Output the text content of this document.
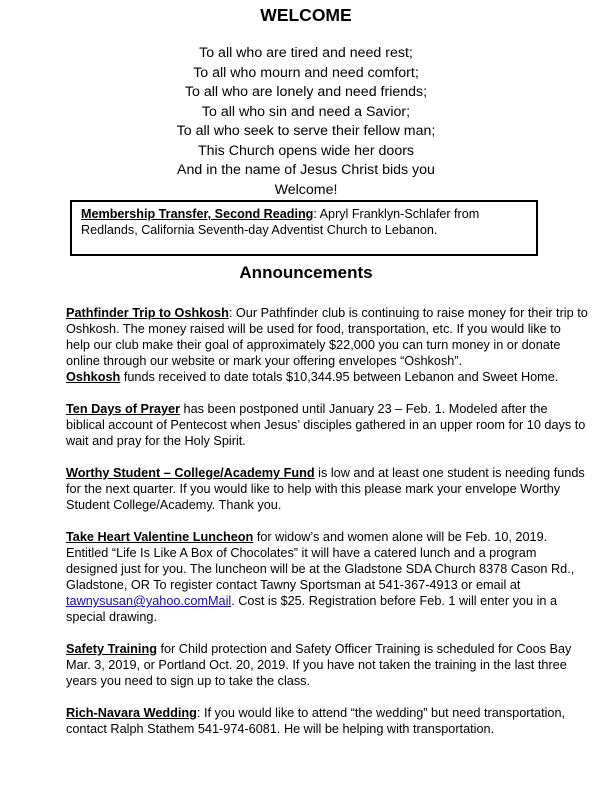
WELCOME
To all who are tired and need rest;
To all who mourn and need comfort;
To all who are lonely and need friends;
To all who sin and need a Savior;
To all who seek to serve their fellow man;
This Church opens wide her doors
And in the name of Jesus Christ bids you
Welcome!
Membership Transfer, Second Reading: Apryl Franklyn-Schlafer from Redlands, California Seventh-day Adventist Church to Lebanon.
Announcements

Pathfinder Trip to Oshkosh: Our Pathfinder club is continuing to raise money for their trip to Oshkosh. The money raised will be used for food, transportation, etc. If you would like to help our club make their goal of approximately $22,000 you can turn money in or donate online through our website or mark your offering envelopes “Oshkosh”.
Oshkosh funds received to date totals $10,344.95 between Lebanon and Sweet Home.

Ten Days of Prayer has been postponed until January 23 – Feb. 1. Modeled after the biblical account of Pentecost when Jesus’ disciples gathered in an upper room for 10 days to wait and pray for the Holy Spirit.

Worthy Student – College/Academy Fund is low and at least one student is needing funds for the next quarter. If you would like to help with this please mark your envelope Worthy Student College/Academy. Thank you.

Take Heart Valentine Luncheon for widow’s and women alone will be Feb. 10, 2019. Entitled “Life Is Like A Box of Chocolates” it will have a catered lunch and a program designed just for you. The luncheon will be at the Gladstone SDA Church 8378 Cason Rd., Gladstone, OR To register contact Tawny Sportsman at 541-367-4913 or email at tawnysusan@yahoo.comMail. Cost is $25. Registration before Feb. 1 will enter you in a special drawing.

Safety Training for Child protection and Safety Officer Training is scheduled for Coos Bay Mar. 3, 2019, or Portland Oct. 20, 2019. If you have not taken the training in the last three years you need to sign up to take the class.

Rich-Navara Wedding: If you would like to attend “the wedding” but need transportation, contact Ralph Stathem 541-974-6081. He will be helping with transportation.
